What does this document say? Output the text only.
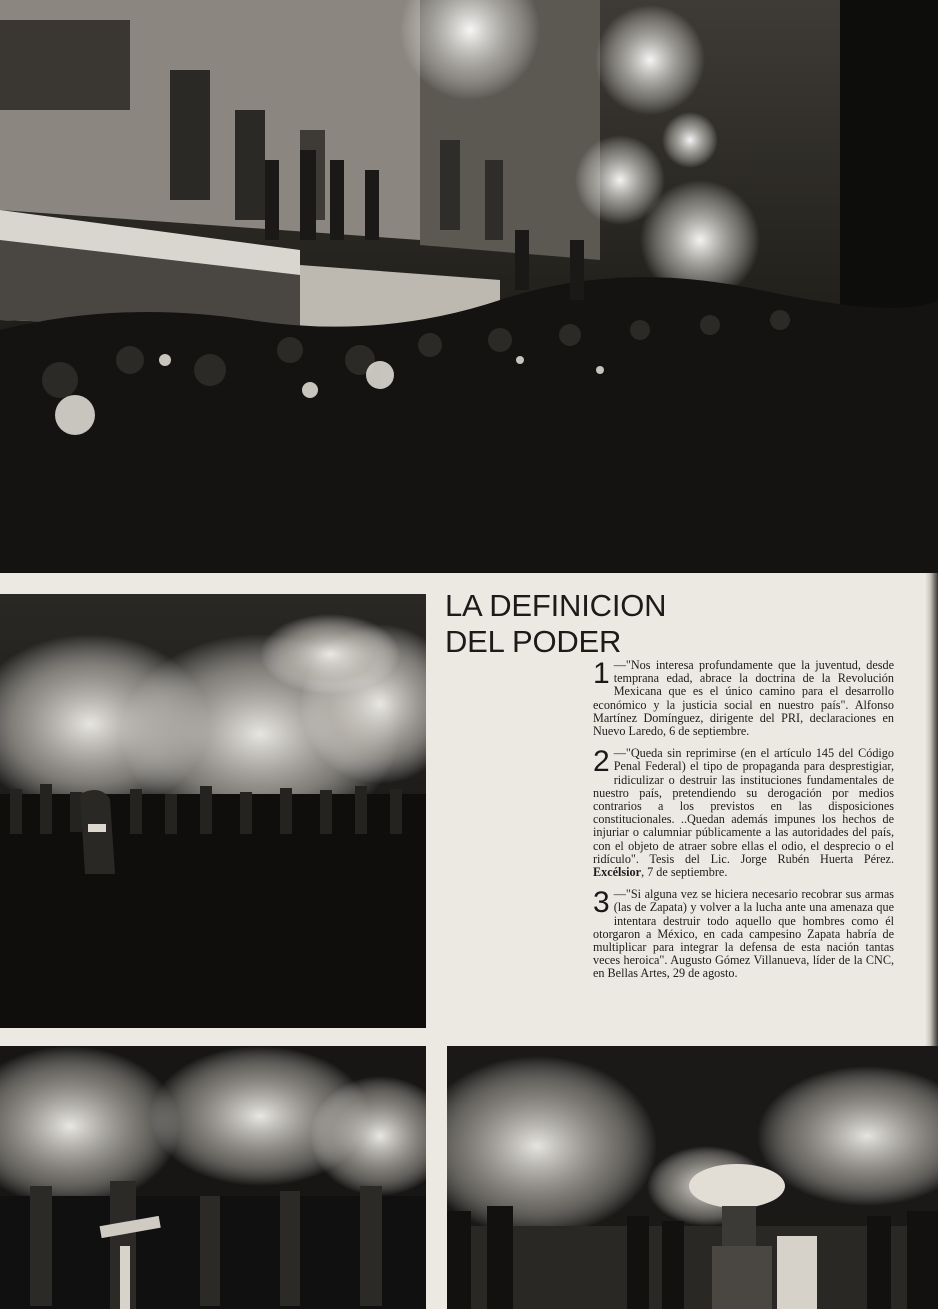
LA DEFINICION
DEL PODER

1 —"Nos interesa profundamente que la juventud, desde temprana edad, abrace la doctrina de la Revolución Mexicana que es el único camino para el desarrollo económico y la justicia social en nuestro país". Alfonso Martínez Domínguez, dirigente del PRI, declaraciones en Nuevo Laredo, 6 de septiembre.

2 —"Queda sin reprimirse (en el artículo 145 del Código Penal Federal) el tipo de propaganda para desprestigiar, ridiculizar o destruir las instituciones fundamentales de nuestro país, pretendiendo su derogación por medios contrarios a los previstos en las disposiciones constitucionales. ..Quedan además impunes los hechos de injuriar o calumniar públicamente a las autoridades del país, con el objeto de atraer sobre ellas el odio, el desprecio o el ridículo". Tesis del Lic. Jorge Rubén Huerta Pérez. Excélsior, 7 de septiembre.

3 —"Si alguna vez se hiciera necesario recobrar sus armas (las de Zapata) y volver a la lucha ante una amenaza que intentara destruir todo aquello que hombres como él otorgaron a México, en cada campesino Zapata habría de multiplicar para integrar la defensa de esta nación tantas veces heroica". Augusto Gómez Villanueva, líder de la CNC, en Bellas Artes, 29 de agosto.
